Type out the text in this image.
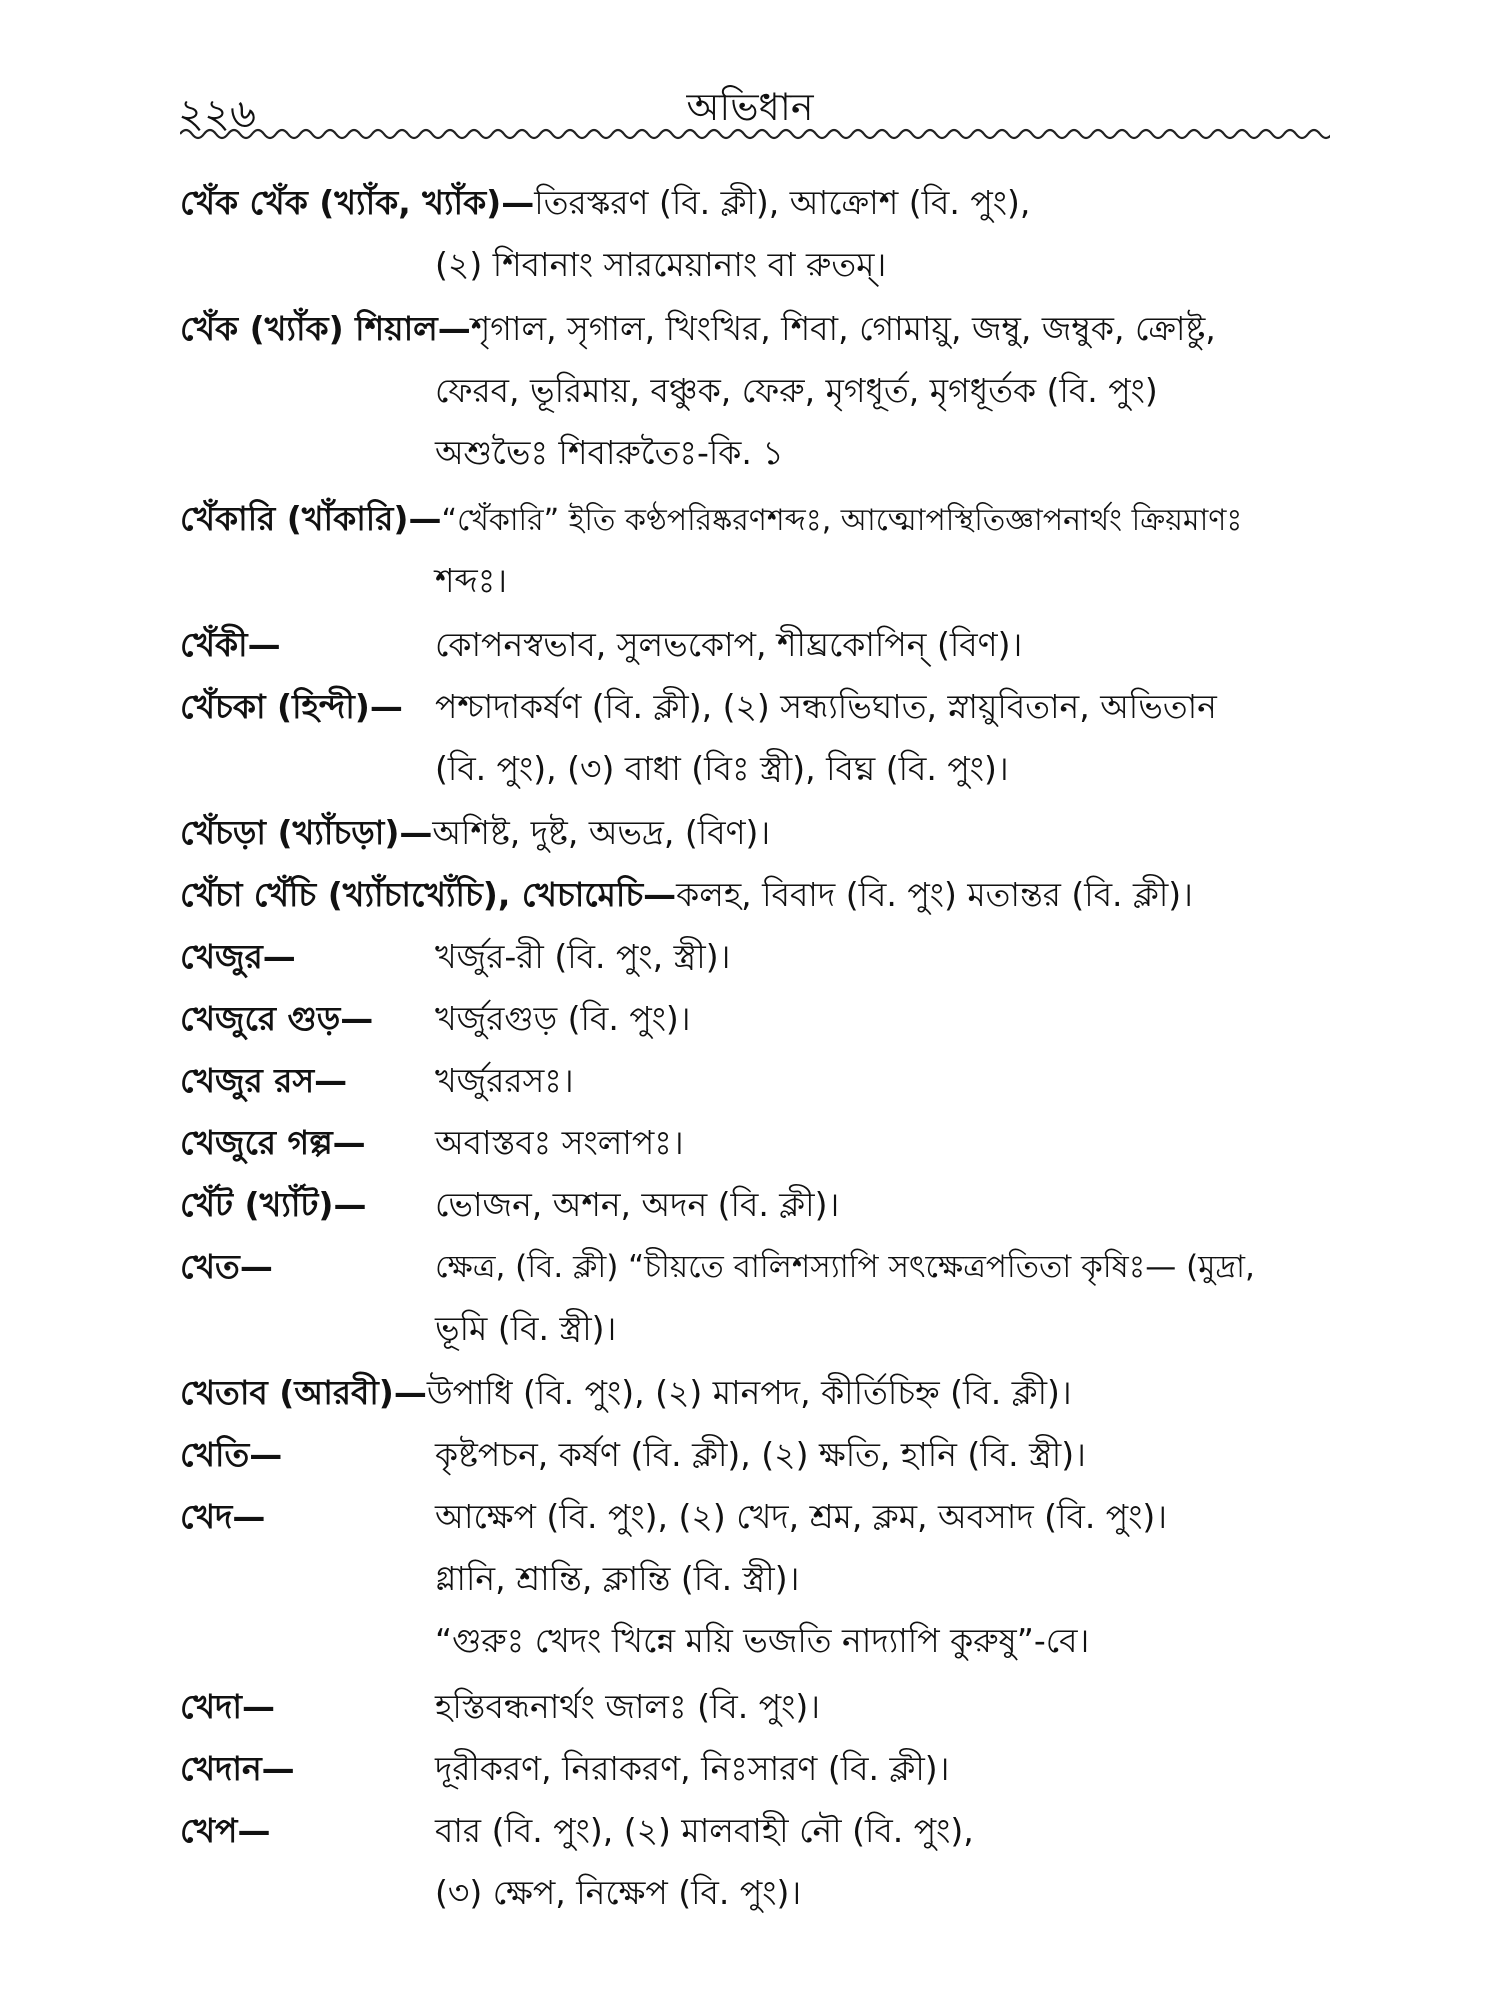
২২৬	অভিধান
খেঁক খেঁক (খ্যাঁক, খ্যাঁক)—তিরস্করণ (বি. ক্লী), আক্রোশ (বি. পুং),
(২) শিবানাং সারমেয়ানাং বা রুতম্।
খেঁক (খ্যাঁক) শিয়াল—শৃগাল, সৃগাল, খিংখির, শিবা, গোমায়ু, জম্বু, জম্বুক, ক্রোষ্টু,
ফেরব, ভূরিমায়, বঞ্চুক, ফেরু, মৃগধূর্ত, মৃগধূর্তক (বি. পুং)
অশুভৈঃ শিবারুতৈঃ-কি. ১
খেঁকারি (খাঁকারি)—“খেঁকারি” ইতি কণ্ঠপরিষ্করণশব্দঃ, আত্মোপস্থিতিজ্ঞাপনার্থং ক্রিয়মাণঃ
শব্দঃ।
খেঁকী—	কোপনস্বভাব, সুলভকোপ, শীঘ্রকোপিন্ (বিণ)।
খেঁচকা (হিন্দী)— পশ্চাদাকর্ষণ (বি. ক্লী), (২) সন্ধ্যভিঘাত, স্নায়ুবিতান, অভিতান
(বি. পুং), (৩) বাধা (বিঃ স্ত্রী), বিঘ্ন (বি. পুং)।
খেঁচড়া (খ্যাঁচড়া)—অশিষ্ট, দুষ্ট, অভদ্র, (বিণ)।
খেঁচা খেঁচি (খ্যাঁচাখ্যেঁচি), খেচামেচি—কলহ, বিবাদ (বি. পুং) মতান্তর (বি. ক্লী)।
খেজুর—	খর্জুর-রী (বি. পুং, স্ত্রী)।
খেজুরে গুড়—	খর্জুরগুড় (বি. পুং)।
খেজুর রস—	খর্জুররসঃ।
খেজুরে গল্প—	অবাস্তবঃ সংলাপঃ।
খেঁট (খ্যাঁট)—	ভোজন, অশন, অদন (বি. ক্লী)।
খেত—	ক্ষেত্র, (বি. ক্লী) “চীয়তে বালিশস্যাপি সৎক্ষেত্রপতিতা কৃষিঃ— (মুদ্রা,
ভূমি (বি. স্ত্রী)।
খেতাব (আরবী)—উপাধি (বি. পুং), (২) মানপদ, কীর্তিচিহ্ন (বি. ক্লী)।
খেতি—	কৃষ্টপচন, কর্ষণ (বি. ক্লী), (২) ক্ষতি, হানি (বি. স্ত্রী)।
খেদ—	আক্ষেপ (বি. পুং), (২) খেদ, শ্রম, ক্লম, অবসাদ (বি. পুং)।
গ্লানি, শ্রান্তি, ক্লান্তি (বি. স্ত্রী)।
“গুরুঃ খেদং খিন্নে ময়ি ভজতি নাদ্যাপি কুরুষু”-বে।
খেদা—	হস্তিবন্ধনার্থং জালঃ (বি. পুং)।
খেদান—	দূরীকরণ, নিরাকরণ, নিঃসারণ (বি. ক্লী)।
খেপ—	বার (বি. পুং), (২) মালবাহী নৌ (বি. পুং),
(৩) ক্ষেপ, নিক্ষেপ (বি. পুং)।
